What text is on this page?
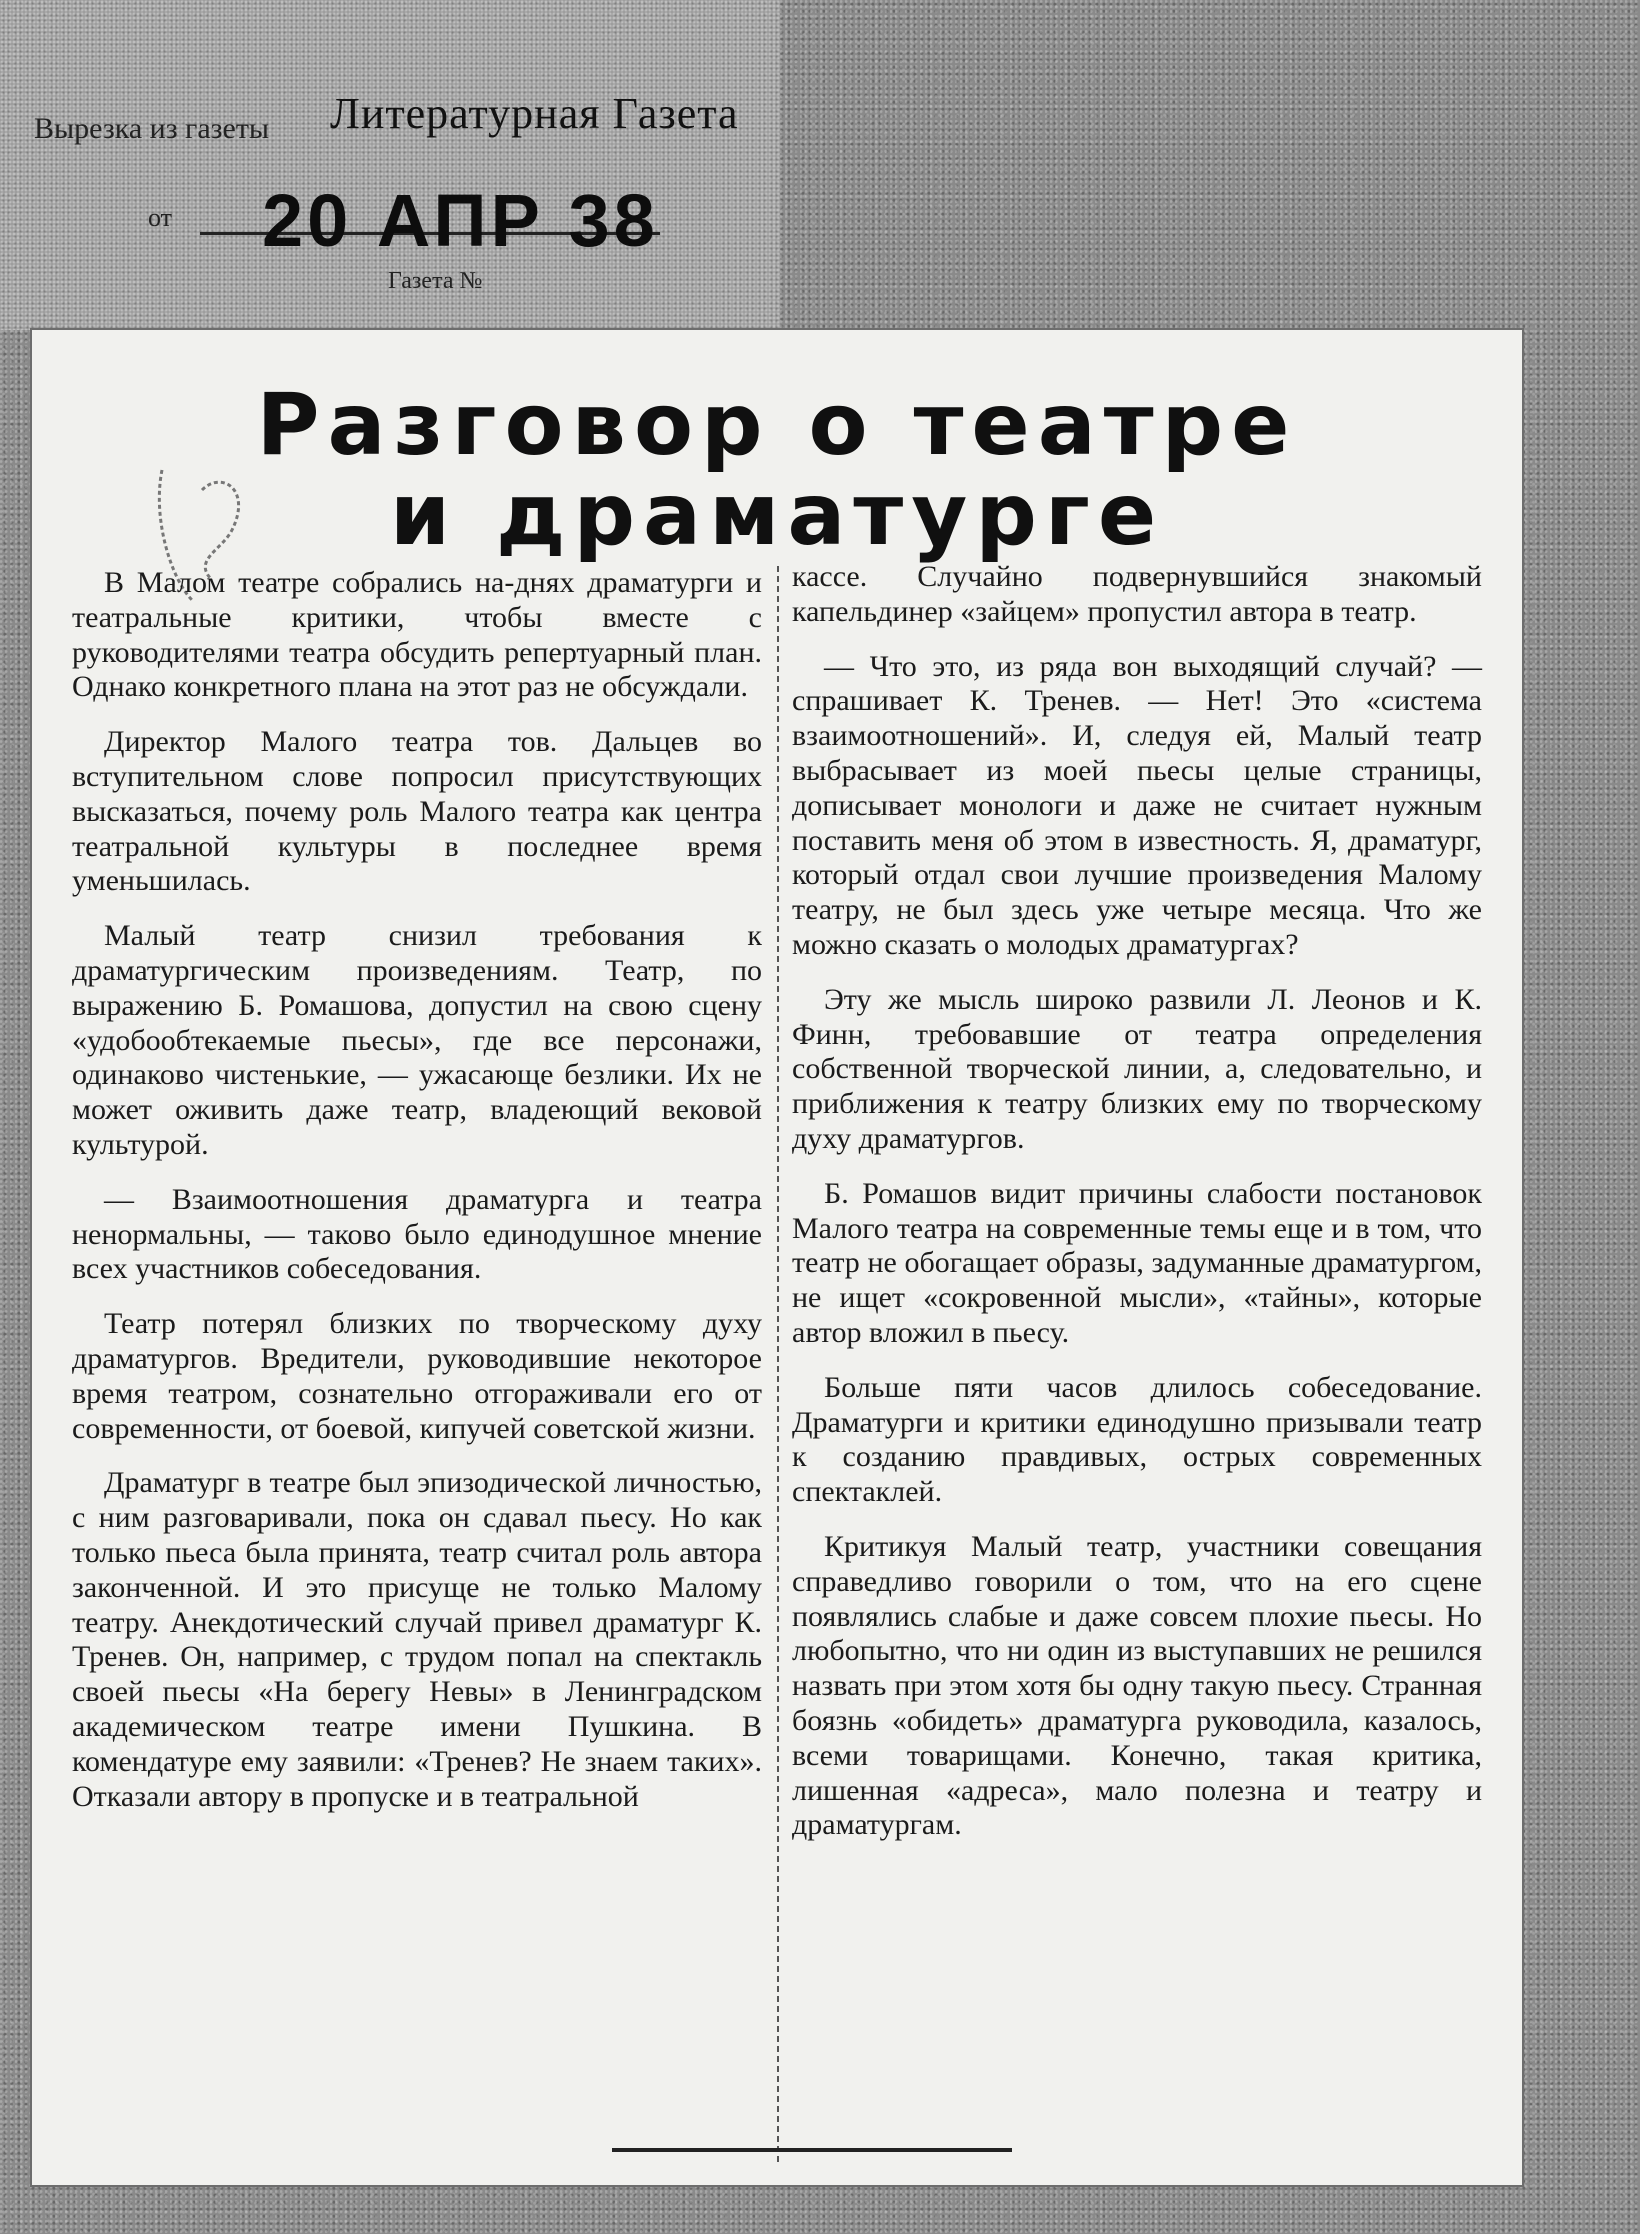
Вырезка из газеты Литературная Газета
от 20 АПР 38
Газета №
Разговор о театре
и драматурге

В Малом театре собрались на-днях драматурги и театральные критики, чтобы вместе с руководителями театра обсудить репертуарный план. Однако конкретного плана на этот раз не обсуждали.

Директор Малого театра тов. Дальцев во вступительном слове попросил присутствующих высказаться, почему роль Малого театра как центра театральной культуры в последнее время уменьшилась.

Малый театр снизил требования к драматургическим произведениям. Театр, по выражению Б. Ромашова, допустил на свою сцену «удобообтекаемые пьесы», где все персонажи, одинаково чистенькие, — ужасающе безлики. Их не может оживить даже театр, владеющий вековой культурой.

— Взаимоотношения драматурга и театра ненормальны, — таково было единодушное мнение всех участников собеседования.

Театр потерял близких по творческому духу драматургов. Вредители, руководившие некоторое время театром, сознательно отгораживали его от современности, от боевой, кипучей советской жизни.

Драматург в театре был эпизодической личностью, с ним разговаривали, пока он сдавал пьесу. Но как только пьеса была принята, театр считал роль автора законченной. И это присуще не только Малому театру. Анекдотический случай привел драматург К. Тренев. Он, например, с трудом попал на спектакль своей пьесы «На берегу Невы» в Ленинградском академическом театре имени Пушкина. В комендатуре ему заявили: «Тренев? Не знаем таких». Отказали автору в пропуске и в театральной

кассе. Случайно подвернувшийся знакомый капельдинер «зайцем» пропустил автора в театр.

— Что это, из ряда вон выходящий случай? — спрашивает К. Тренев. — Нет! Это «система взаимоотношений». И, следуя ей, Малый театр выбрасывает из моей пьесы целые страницы, дописывает монологи и даже не считает нужным поставить меня об этом в известность. Я, драматург, который отдал свои лучшие произведения Малому театру, не был здесь уже четыре месяца. Что же можно сказать о молодых драматургах?

Эту же мысль широко развили Л. Леонов и К. Финн, требовавшие от театра определения собственной творческой линии, а, следовательно, и приближения к театру близких ему по творческому духу драматургов.

Б. Ромашов видит причины слабости постановок Малого театра на современные темы еще и в том, что театр не обогащает образы, задуманные драматургом, не ищет «сокровенной мысли», «тайны», которые автор вложил в пьесу.

Больше пяти часов длилось собеседование. Драматурги и критики единодушно призывали театр к созданию правдивых, острых современных спектаклей.

Критикуя Малый театр, участники совещания справедливо говорили о том, что на его сцене появлялись слабые и даже совсем плохие пьесы. Но любопытно, что ни один из выступавших не решился назвать при этом хотя бы одну такую пьесу. Странная боязнь «обидеть» драматурга руководила, казалось, всеми товарищами. Конечно, такая критика, лишенная «адреса», мало полезна и театру и драматургам.
